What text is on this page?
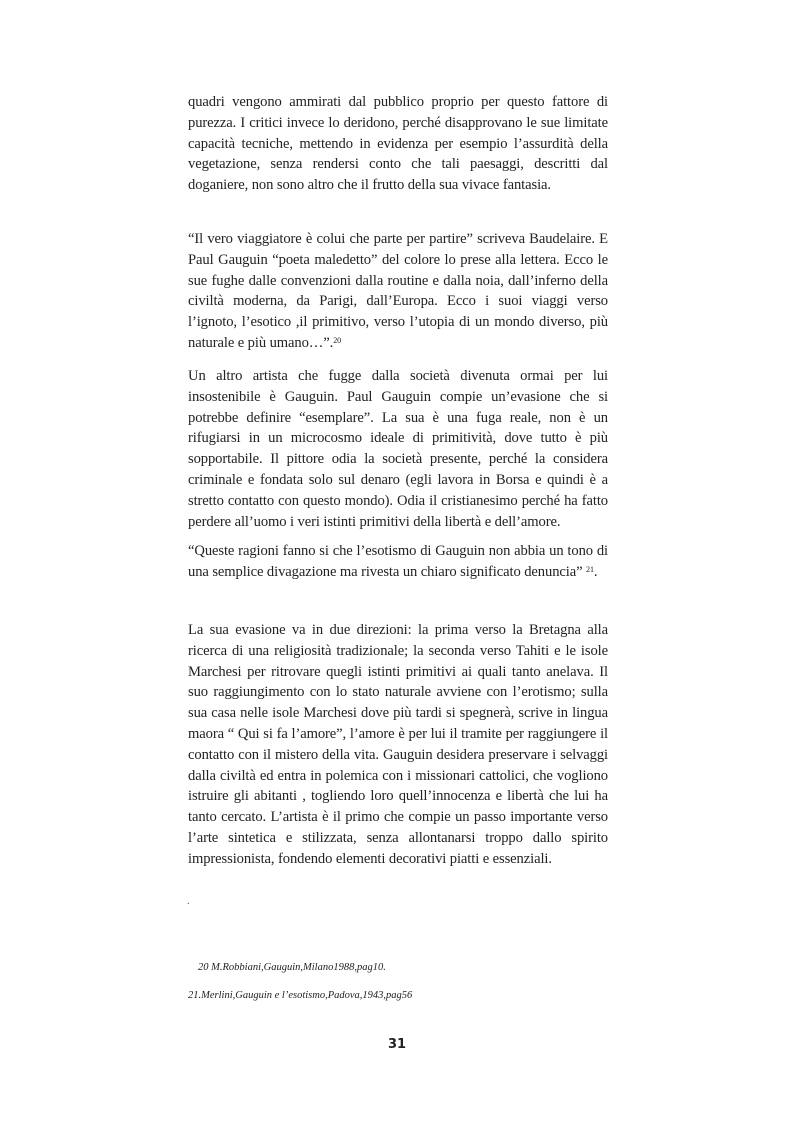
quadri vengono ammirati dal pubblico proprio per questo fattore di purezza. I critici invece lo deridono, perché disapprovano le sue limitate capacità tecniche, mettendo in evidenza per esempio l’assurdità della vegetazione, senza rendersi conto che tali paesaggi, descritti dal doganiere, non sono altro che il frutto della sua vivace fantasia.

“Il vero viaggiatore è colui che parte per partire” scriveva Baudelaire. E Paul Gauguin “poeta maledetto” del colore lo prese alla lettera. Ecco le sue fughe dalle convenzioni dalla routine e dalla noia, dall’inferno della civiltà moderna, da Parigi, dall’Europa. Ecco i suoi viaggi verso l’ignoto, l’esotico ,il primitivo, verso l’utopia di un mondo diverso, più naturale e più umano…”.$^{20}$

Un altro artista che fugge dalla società divenuta ormai per lui insostenibile è Gauguin. Paul Gauguin compie un’evasione che si potrebbe definire “esemplare”. La sua è una fuga reale, non è un rifugiarsi in un microcosmo ideale di primitività, dove tutto è più sopportabile. Il pittore odia la società presente, perché la considera criminale e fondata solo sul denaro (egli lavora in Borsa e quindi è a stretto contatto con questo mondo). Odia il cristianesimo perché ha fatto perdere all’uomo i veri istinti primitivi della libertà e dell’amore.

“Queste ragioni fanno si che l’esotismo di Gauguin non abbia un tono di una semplice divagazione ma rivesta un chiaro significato denuncia” $^{21}$.

La sua evasione va in due direzioni: la prima verso la Bretagna alla ricerca di una religiosità tradizionale; la seconda verso Tahiti e le isole Marchesi per ritrovare quegli istinti primitivi ai quali tanto anelava. Il suo raggiungimento con lo stato naturale avviene con l’erotismo; sulla sua casa nelle isole Marchesi dove più tardi si spegnerà, scrive in lingua maora “ Qui si fa l’amore”, l’amore è per lui il tramite per raggiungere il contatto con il mistero della vita. Gauguin desidera preservare i selvaggi dalla civiltà ed entra in polemica con i missionari cattolici, che vogliono istruire gli abitanti , togliendo loro quell’innocenza e libertà che lui ha tanto cercato. L’artista è il primo che compie un passo importante verso l’arte sintetica e stilizzata, senza allontanarsi troppo dallo spirito impressionista, fondendo elementi decorativi piatti e essenziali.

.
20 M.Robbiani,Gauguin,Milano1988,pag10.
21.Merlini,Gauguin e l’esotismo,Padova,1943,pag56
31
